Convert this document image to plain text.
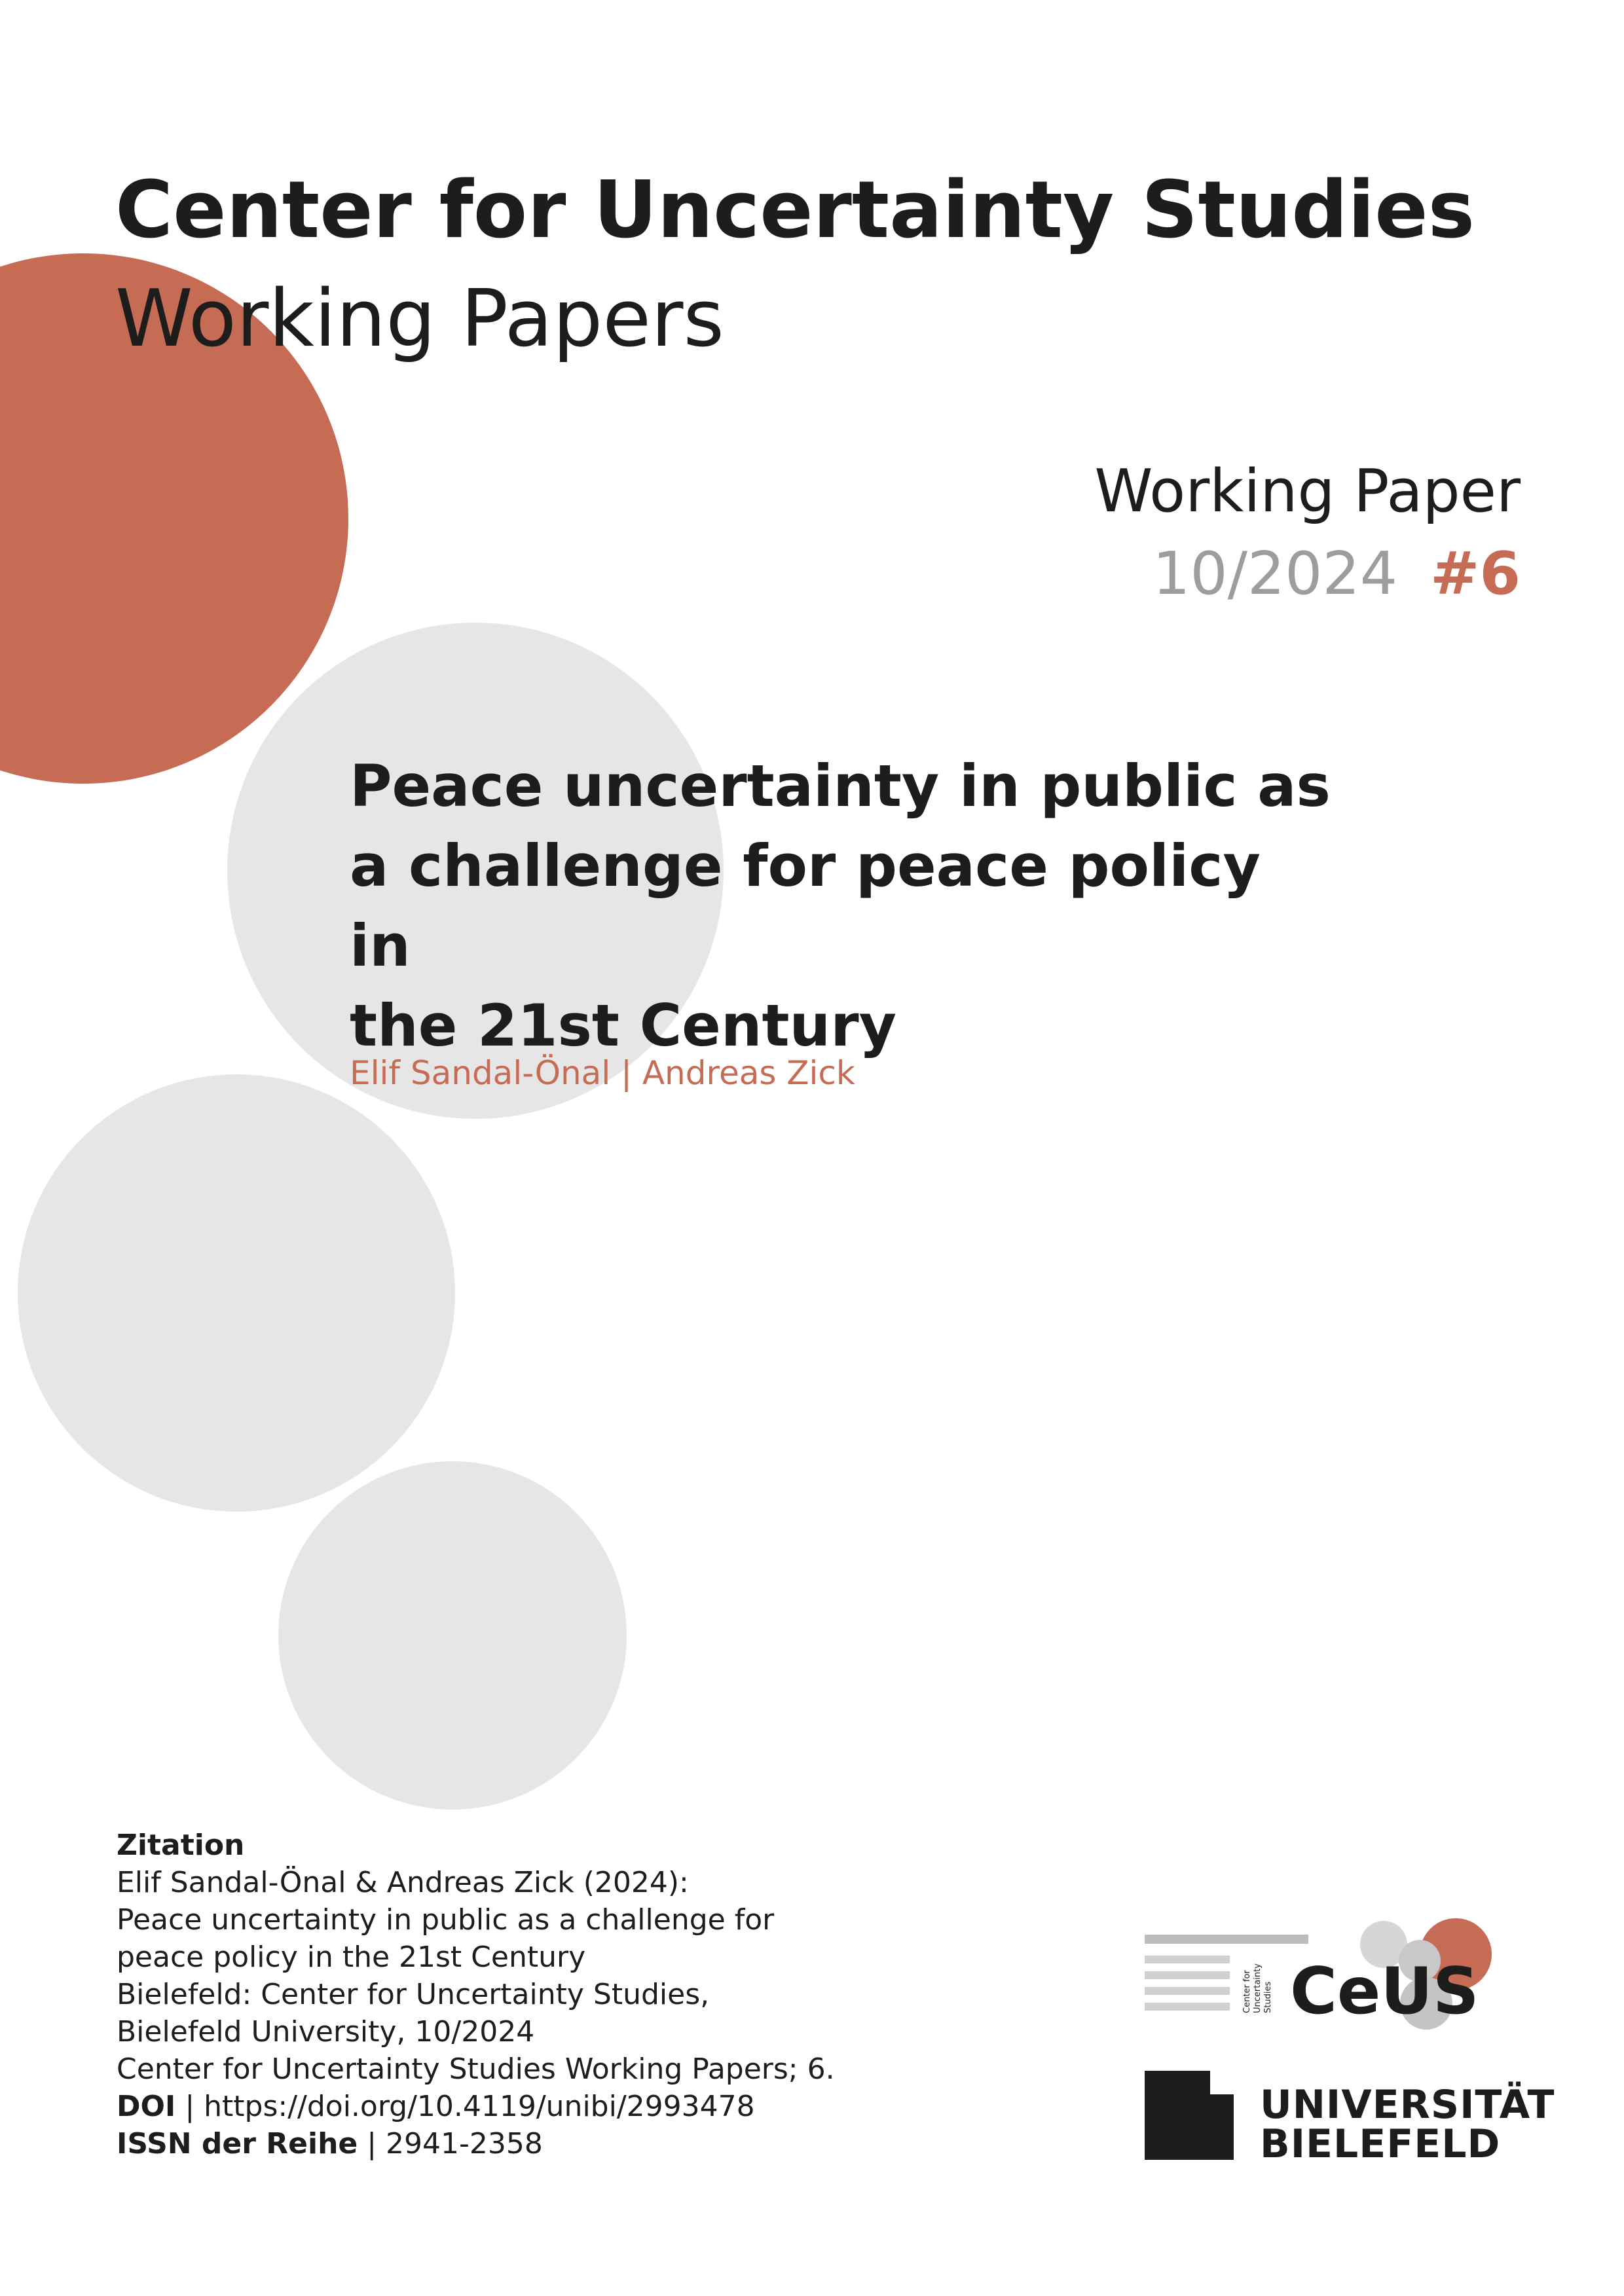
Center for Uncertainty Studies
Working Papers
Working Paper
10/2024 #6
Peace uncertainty in public as
a challenge for peace policy in
the 21st Century
Elif Sandal-Önal | Andreas Zick
Zitation
Elif Sandal-Önal & Andreas Zick (2024):
Peace uncertainty in public as a challenge for
peace policy in the 21st Century
Bielefeld: Center for Uncertainty Studies,
Bielefeld University, 10/2024
Center for Uncertainty Studies Working Papers; 6.
DOI | https://doi.org/10.4119/unibi/2993478
ISSN der Reihe | 2941-2358
Center for Uncertainty Studies CeUS
UNIVERSITÄT
BIELEFELD
